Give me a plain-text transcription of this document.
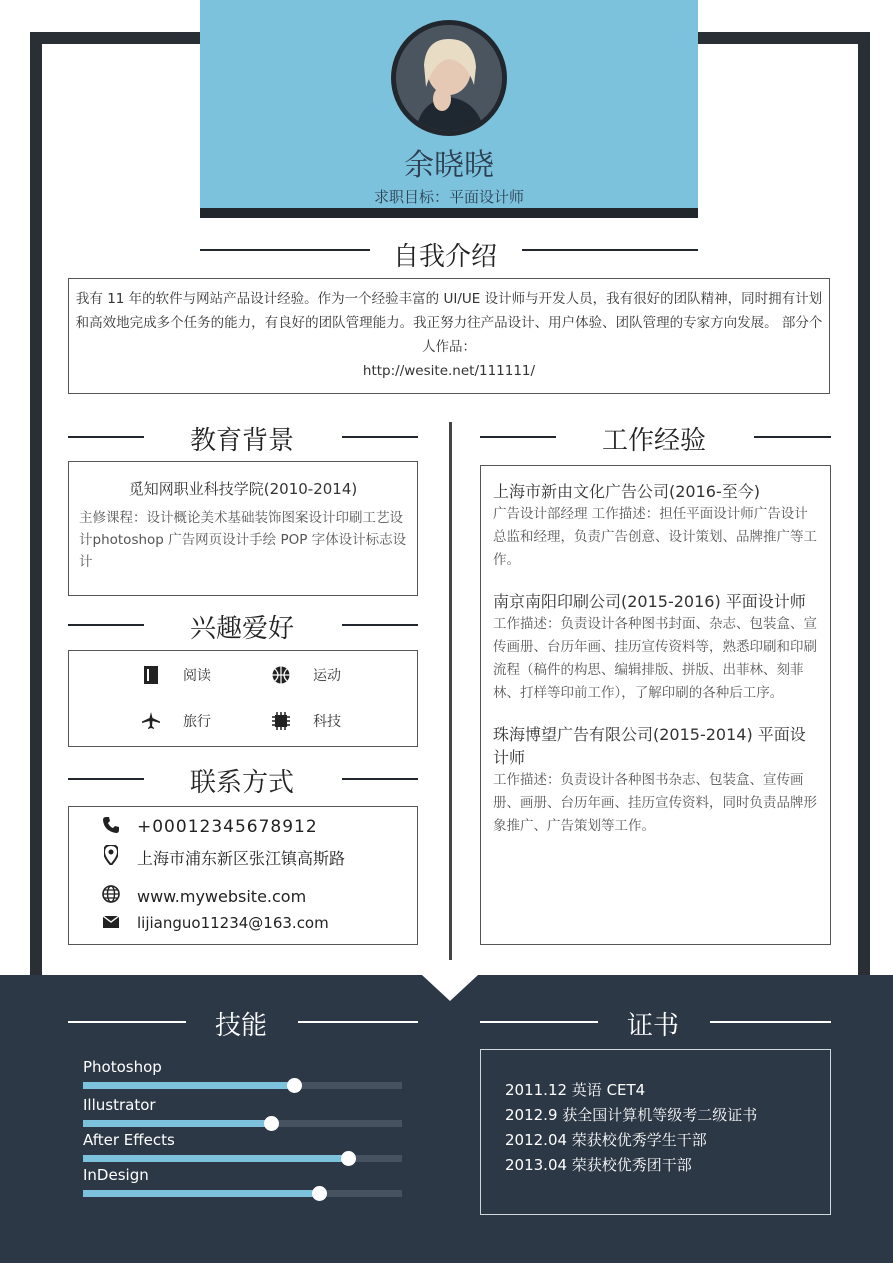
余晓晓
求职目标：平面设计师
自我介绍
我有 11 年的软件与网站产品设计经验。作为一个经验丰富的 UI/UE 设计师与开发人员，我有很好的团队精神，同时拥有计划和高效地完成多个任务的能力，有良好的团队管理能力。我正努力往产品设计、用户体验、团队管理的专家方向发展。 部分个人作品：
http://wesite.net/111111/
教育背景
觅知网职业科技学院(2010-2014)
主修课程：设计概论美术基础装饰图案设计印刷工艺设计photoshop 广告网页设计手绘 POP 字体设计标志设计
兴趣爱好
阅读	运动
旅行	科技
联系方式
+00012345678912
上海市浦东新区张江镇高斯路
www.mywebsite.com
lijianguo11234@163.com
工作经验
上海市新由文化广告公司(2016-至今)
广告设计部经理 工作描述：担任平面设计师广告设计总监和经理，负责广告创意、设计策划、品牌推广等工作。
南京南阳印刷公司(2015-2016) 平面设计师
工作描述：负责设计各种图书封面、杂志、包装盒、宣传画册、台历年画、挂历宣传资料等，熟悉印刷和印刷流程（稿件的构思、编辑排版、拼版、出菲林、刻菲林、打样等印前工作），了解印刷的各种后工序。
珠海博望广告有限公司(2015-2014) 平面设计师
工作描述：负责设计各种图书杂志、包装盒、宣传画册、画册、台历年画、挂历宣传资料，同时负责品牌形象推广、广告策划等工作。
技能	证书
Photoshop
Illustrator
After Effects
InDesign
2011.12 英语 CET4
2012.9 获全国计算机等级考二级证书
2012.04 荣获校优秀学生干部
2013.04 荣获校优秀团干部
